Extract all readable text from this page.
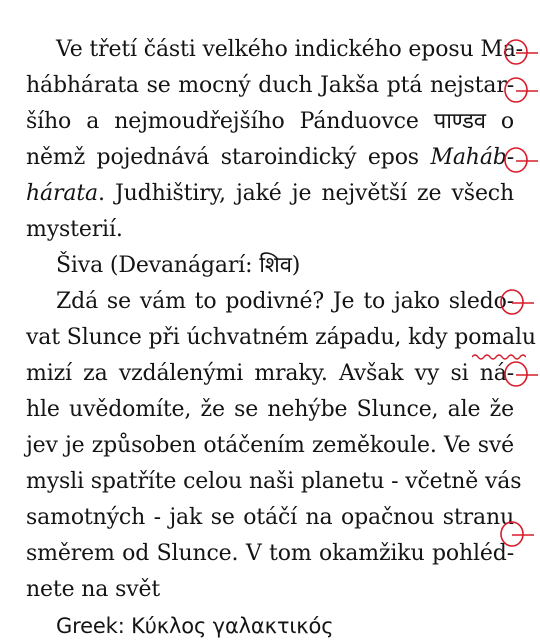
Ve třetí části velkého indického eposu Ma-
hábhárata se mocný duch Jakša ptá nejstar-
šího a nejmoudřejšího Pánduovce पाण्डव o
němž pojednává staroindický epos Maháb-
hárata. Judhištiry, jaké je největší ze všech
mysterií.
Šiva (Devanágarí: शिव)
Zdá se vám to podivné? Je to jako sledo-
vat Slunce při úchvatném západu, kdy pomalu
mizí za vzdálenými mraky. Avšak vy si ná-
hle uvědomíte, že se nehýbe Slunce, ale že
jev je způsoben otáčením zeměkoule. Ve své
mysli spatříte celou naši planetu - včetně vás
samotných - jak se otáčí na opačnou stranu
směrem od Slunce. V tom okamžiku pohléd-
nete na svět
Greek: Κύκλος γαλακτικός
